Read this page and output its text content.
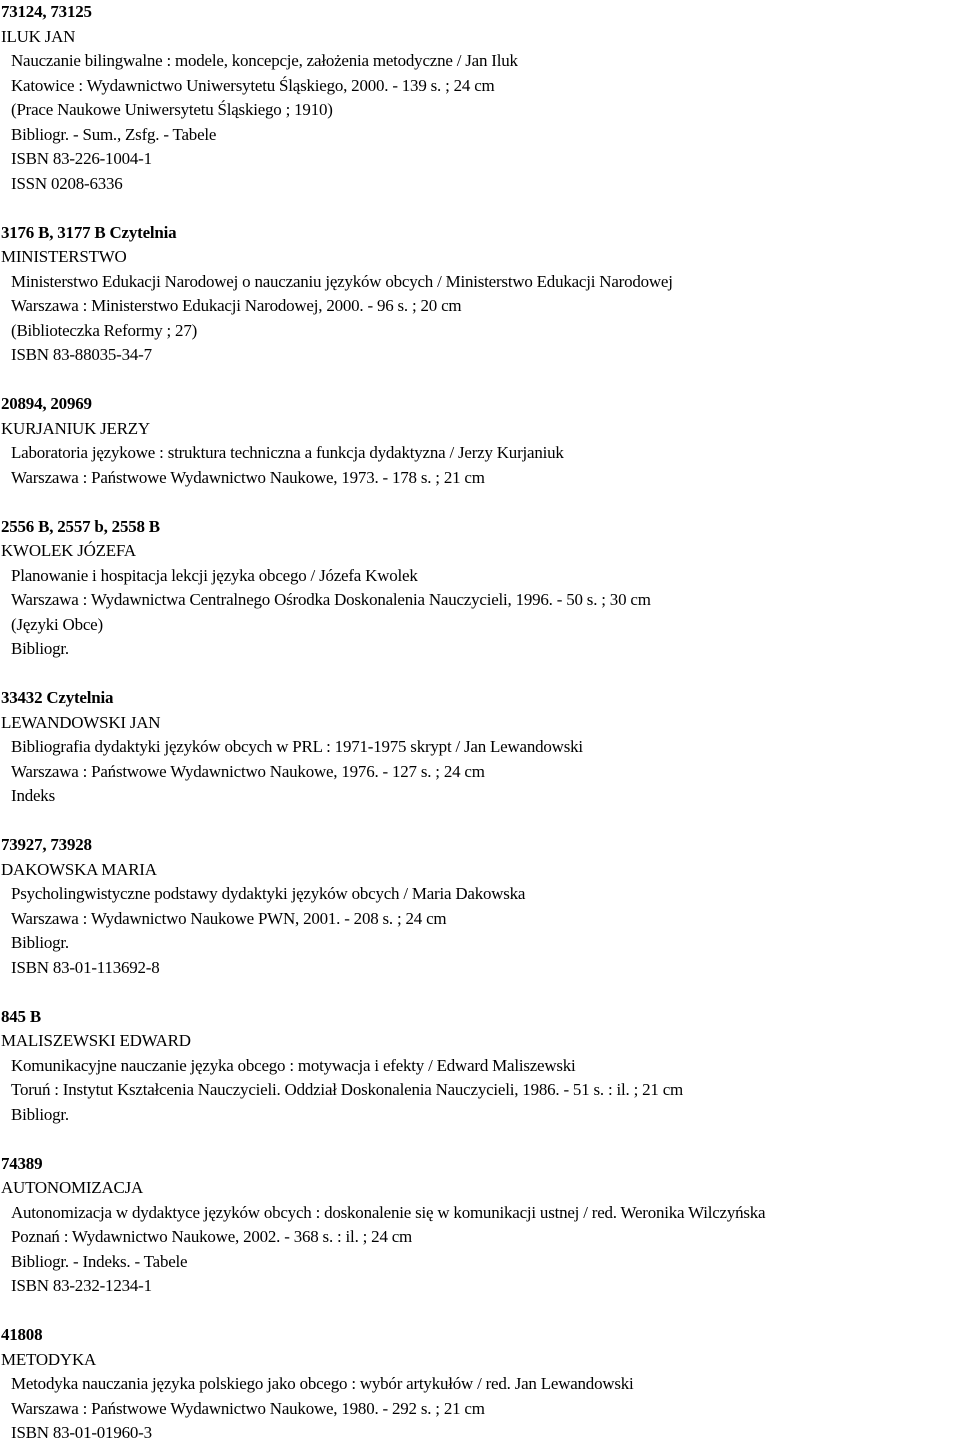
73124, 73125
ILUK JAN
Nauczanie bilingwalne : modele, koncepcje, założenia metodyczne / Jan Iluk
Katowice : Wydawnictwo Uniwersytetu Śląskiego, 2000. - 139 s. ; 24 cm
(Prace Naukowe Uniwersytetu Śląskiego ; 1910)
Bibliogr. - Sum., Zsfg. - Tabele
ISBN 83-226-1004-1
ISSN 0208-6336
3176 B, 3177 B Czytelnia
MINISTERSTWO
Ministerstwo Edukacji Narodowej o nauczaniu języków obcych / Ministerstwo Edukacji Narodowej
Warszawa : Ministerstwo Edukacji Narodowej, 2000. - 96 s. ; 20 cm
(Biblioteczka Reformy ; 27)
ISBN 83-88035-34-7
20894, 20969
KURJANIUK JERZY
Laboratoria językowe : struktura techniczna a funkcja dydaktyzna / Jerzy Kurjaniuk
Warszawa : Państwowe Wydawnictwo Naukowe, 1973. - 178 s. ; 21 cm
2556 B, 2557 b, 2558 B
KWOLEK JÓZEFA
Planowanie i hospitacja lekcji języka obcego / Józefa Kwolek
Warszawa : Wydawnictwa Centralnego Ośrodka Doskonalenia Nauczycieli, 1996. - 50 s. ; 30 cm
(Języki Obce)
Bibliogr.
33432 Czytelnia
LEWANDOWSKI JAN
Bibliografia dydaktyki języków obcych w PRL : 1971-1975 skrypt / Jan Lewandowski
Warszawa : Państwowe Wydawnictwo Naukowe, 1976. - 127 s. ; 24 cm
Indeks
73927, 73928
DAKOWSKA MARIA
Psycholingwistyczne podstawy dydaktyki języków obcych / Maria Dakowska
Warszawa : Wydawnictwo Naukowe PWN, 2001. - 208 s. ; 24 cm
Bibliogr.
ISBN 83-01-113692-8
845 B
MALISZEWSKI EDWARD
Komunikacyjne nauczanie języka obcego : motywacja i efekty / Edward Maliszewski
Toruń : Instytut Kształcenia Nauczycieli. Oddział Doskonalenia Nauczycieli, 1986. - 51 s. : il. ; 21 cm
Bibliogr.
74389
AUTONOMIZACJA
Autonomizacja w dydaktyce języków obcych : doskonalenie się w komunikacji ustnej / red. Weronika Wilczyńska
Poznań : Wydawnictwo Naukowe, 2002. - 368 s. : il. ; 24 cm
Bibliogr. - Indeks. - Tabele
ISBN 83-232-1234-1
41808
METODYKA
Metodyka nauczania języka polskiego jako obcego : wybór artykułów / red. Jan Lewandowski
Warszawa : Państwowe Wydawnictwo Naukowe, 1980. - 292 s. ; 21 cm
ISBN 83-01-01960-3
